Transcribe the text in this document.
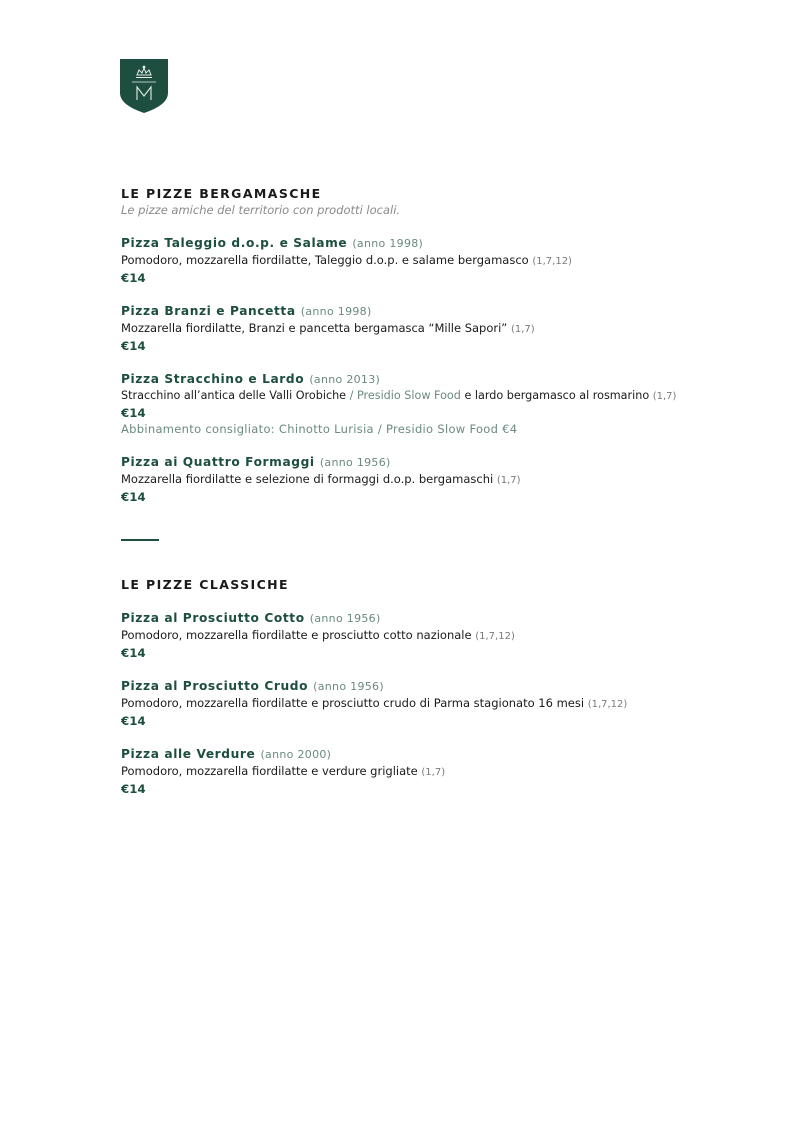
LE PIZZE BERGAMASCHE

Le pizze amiche del territorio con prodotti locali.

Pizza Taleggio d.o.p. e Salame (anno 1998)
Pomodoro, mozzarella fiordilatte, Taleggio d.o.p. e salame bergamasco (1,7,12)
€14
Pizza Branzi e Pancetta (anno 1998)
Mozzarella fiordilatte, Branzi e pancetta bergamasca “Mille Sapori” (1,7)
€14
Pizza Stracchino e Lardo (anno 2013)
Stracchino all’antica delle Valli Orobiche / Presidio Slow Food e lardo bergamasco al rosmarino (1,7)
€14
Abbinamento consigliato: Chinotto Lurisia / Presidio Slow Food €4
Pizza ai Quattro Formaggi (anno 1956)
Mozzarella fiordilatte e selezione di formaggi d.o.p. bergamaschi (1,7)
€14
LE PIZZE CLASSICHE
Pizza al Prosciutto Cotto (anno 1956)
Pomodoro, mozzarella fiordilatte e prosciutto cotto nazionale (1,7,12)
€14
Pizza al Prosciutto Crudo (anno 1956)
Pomodoro, mozzarella fiordilatte e prosciutto crudo di Parma stagionato 16 mesi (1,7,12)
€14
Pizza alle Verdure (anno 2000)
Pomodoro, mozzarella fiordilatte e verdure grigliate (1,7)
€14
